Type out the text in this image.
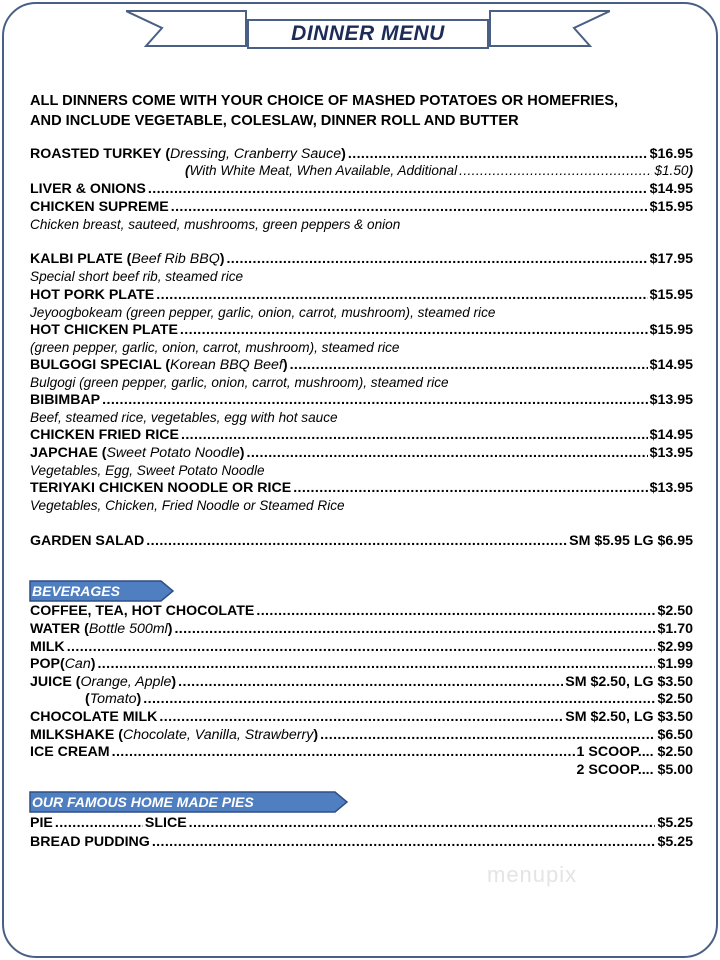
DINNER MENU
ALL DINNERS COME WITH YOUR CHOICE OF MASHED POTATOES OR HOMEFRIES,
AND INCLUDE VEGETABLE, COLESLAW, DINNER ROLL AND BUTTER
ROASTED TURKEY (Dressing, Cranberry Sauce) .....	$16.95
(With White Meat, When Available, Additional .....	$1.50)
LIVER & ONIONS .....	$14.95
CHICKEN SUPREME .....	$15.95
Chicken breast, sauteed, mushrooms, green peppers & onion
KALBI PLATE (Beef Rib BBQ) .....	$17.95
Special short beef rib, steamed rice
HOT PORK PLATE .....	$15.95
Jeyoogbokeam (green pepper, garlic, onion, carrot, mushroom), steamed rice
HOT CHICKEN PLATE .....	$15.95
(green pepper, garlic, onion, carrot, mushroom), steamed rice
BULGOGI SPECIAL (Korean BBQ Beef) .....	$14.95
Bulgogi (green pepper, garlic, onion, carrot, mushroom), steamed rice
BIBIMBAP .....	$13.95
Beef, steamed rice, vegetables, egg with hot sauce
CHICKEN FRIED RICE .....	$14.95
JAPCHAE (Sweet Potato Noodle) .....	$13.95
Vegetables, Egg, Sweet Potato Noodle
TERIYAKI CHICKEN NOODLE OR RICE .....	$13.95
Vegetables, Chicken, Fried Noodle or Steamed Rice
GARDEN SALAD .....	SM $5.95 LG $6.95
BEVERAGES
COFFEE, TEA, HOT CHOCOLATE .....	$2.50
WATER (Bottle 500ml) .....	$1.70
MILK .....	$2.99
POP(Can) .....	$1.99
JUICE (Orange, Apple) .....	SM $2.50, LG $3.50
(Tomato) .....	$2.50
CHOCOLATE MILK .....	SM $2.50, LG $3.50
MILKSHAKE (Chocolate, Vanilla, Strawberry) .....	$6.50
ICE CREAM .....	1 SCOOP.... $2.50
2 SCOOP.... $5.00
OUR FAMOUS HOME MADE PIES
PIE .....	SLICE .....	$5.25
BREAD PUDDING .....	$5.25
menupix
